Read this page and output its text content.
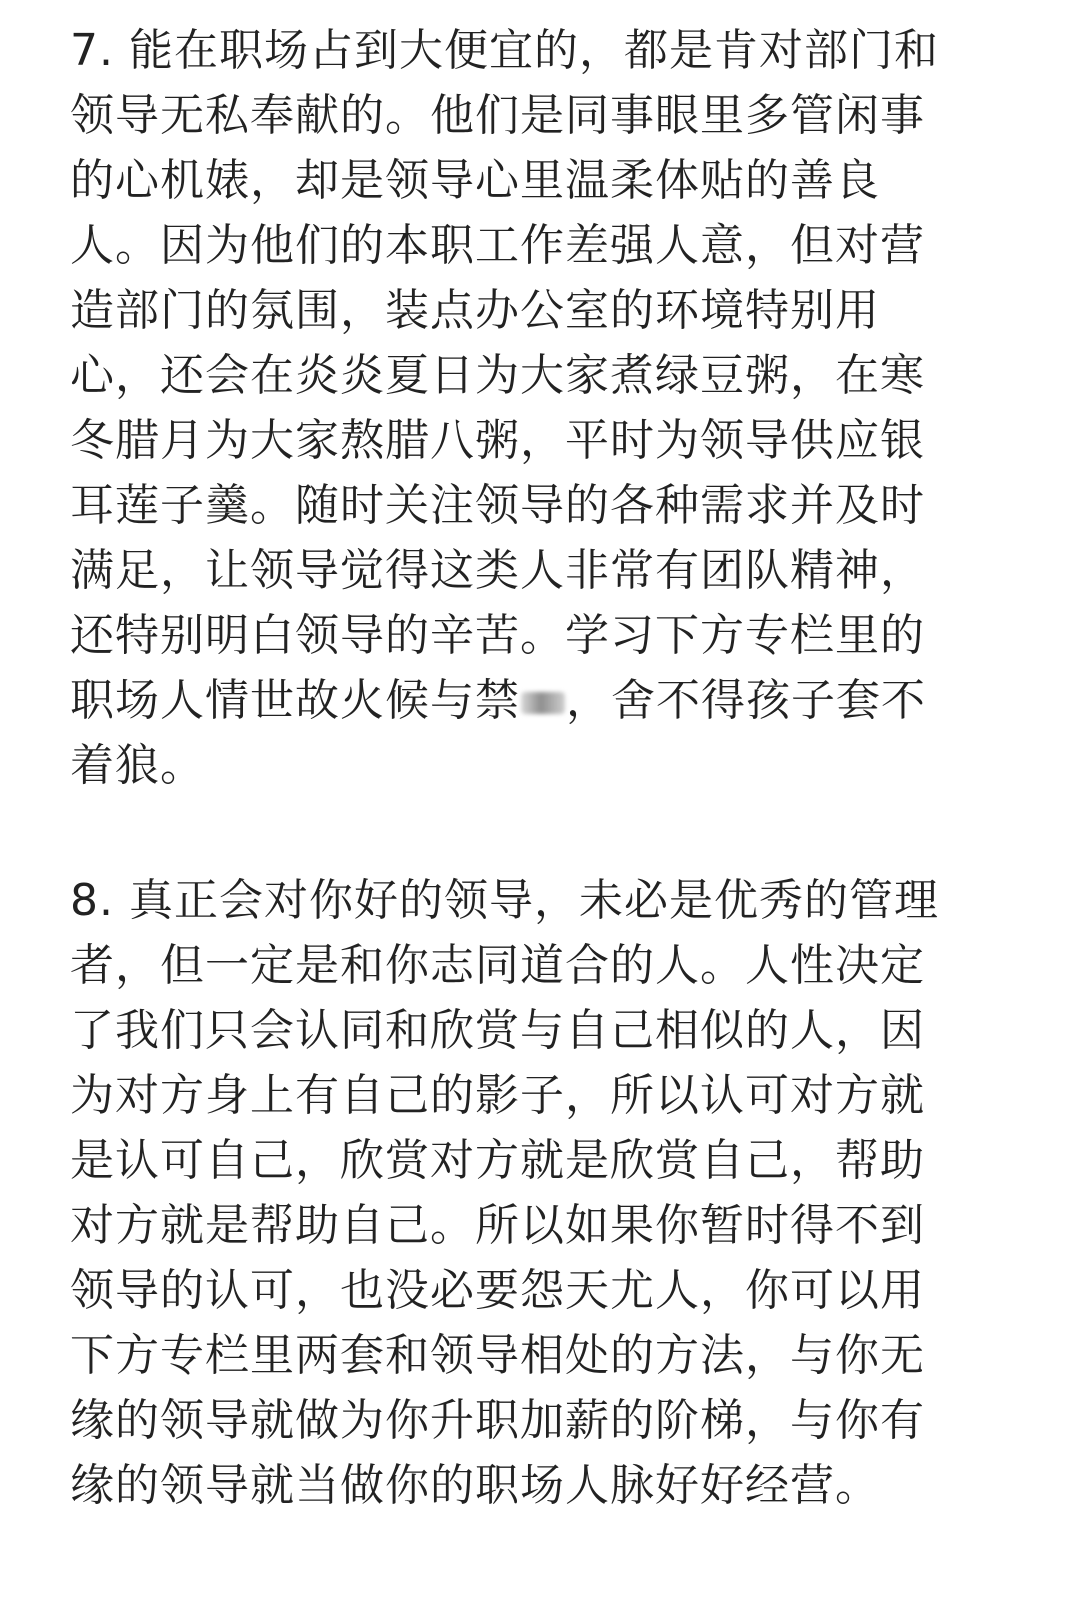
7. 能在职场占到大便宜的，都是肯对部门和
领导无私奉献的。他们是同事眼里多管闲事
的心机婊，却是领导心里温柔体贴的善良
人。因为他们的本职工作差强人意，但对营
造部门的氛围，装点办公室的环境特别用
心，还会在炎炎夏日为大家煮绿豆粥，在寒
冬腊月为大家熬腊八粥，平时为领导供应银
耳莲子羹。随时关注领导的各种需求并及时
满足，让领导觉得这类人非常有团队精神，
还特别明白领导的辛苦。学习下方专栏里的
职场人情世故火候与禁 ，舍不得孩子套不
着狼。
8. 真正会对你好的领导，未必是优秀的管理
者，但一定是和你志同道合的人。人性决定
了我们只会认同和欣赏与自己相似的人，因
为对方身上有自己的影子，所以认可对方就
是认可自己，欣赏对方就是欣赏自己，帮助
对方就是帮助自己。所以如果你暂时得不到
领导的认可，也没必要怨天尤人，你可以用
下方专栏里两套和领导相处的方法，与你无
缘的领导就做为你升职加薪的阶梯，与你有
缘的领导就当做你的职场人脉好好经营。
